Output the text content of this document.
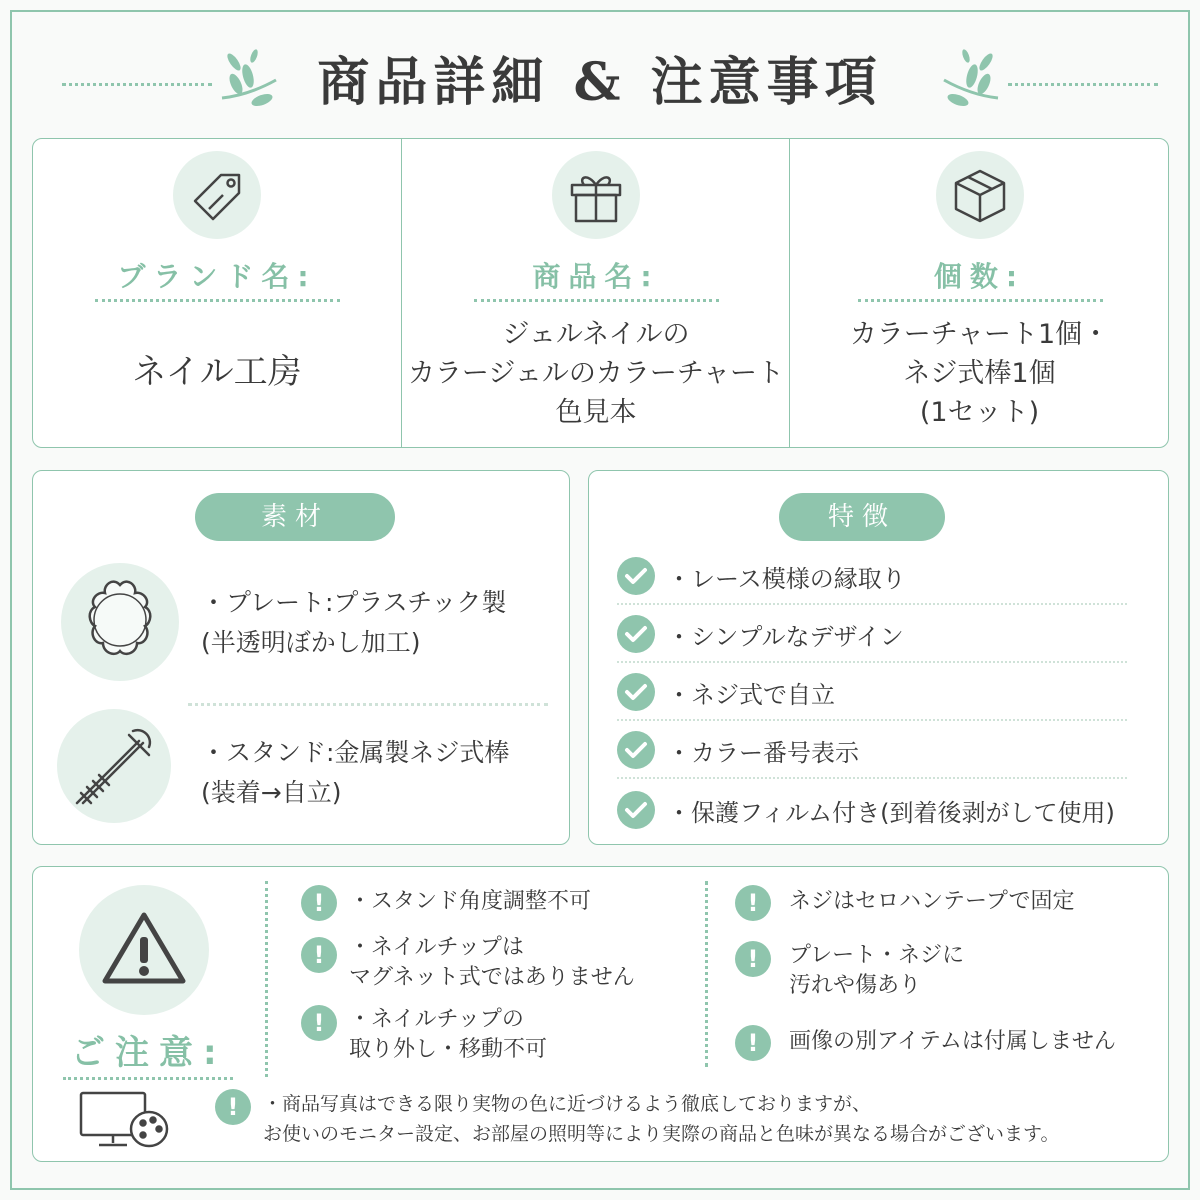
商品詳細 & 注意事項
ブランド名:
ネイル工房
商品名:
ジェルネイルの
カラージェルのカラーチャート
色見本
個数:
カラーチャート1個・
ネジ式棒1個
(1セット)
素材
・プレート:プラスチック製
(半透明ぼかし加工)
・スタンド:金属製ネジ式棒
(装着→自立)
特徴
・レース模様の縁取り
・シンプルなデザイン
・ネジ式で自立
・カラー番号表示
・保護フィルム付き(到着後剥がして使用)
ご注意:
!	・スタンド角度調整不可
!	・ネイルチップは
マグネット式ではありません
!	・ネイルチップの
取り外し・移動不可
!	ネジはセロハンテープで固定
!	プレート・ネジに
汚れや傷あり
!	画像の別アイテムは付属しません
!	・商品写真はできる限り実物の色に近づけるよう徹底しておりますが、
お使いのモニター設定、お部屋の照明等により実際の商品と色味が異なる場合がございます。
